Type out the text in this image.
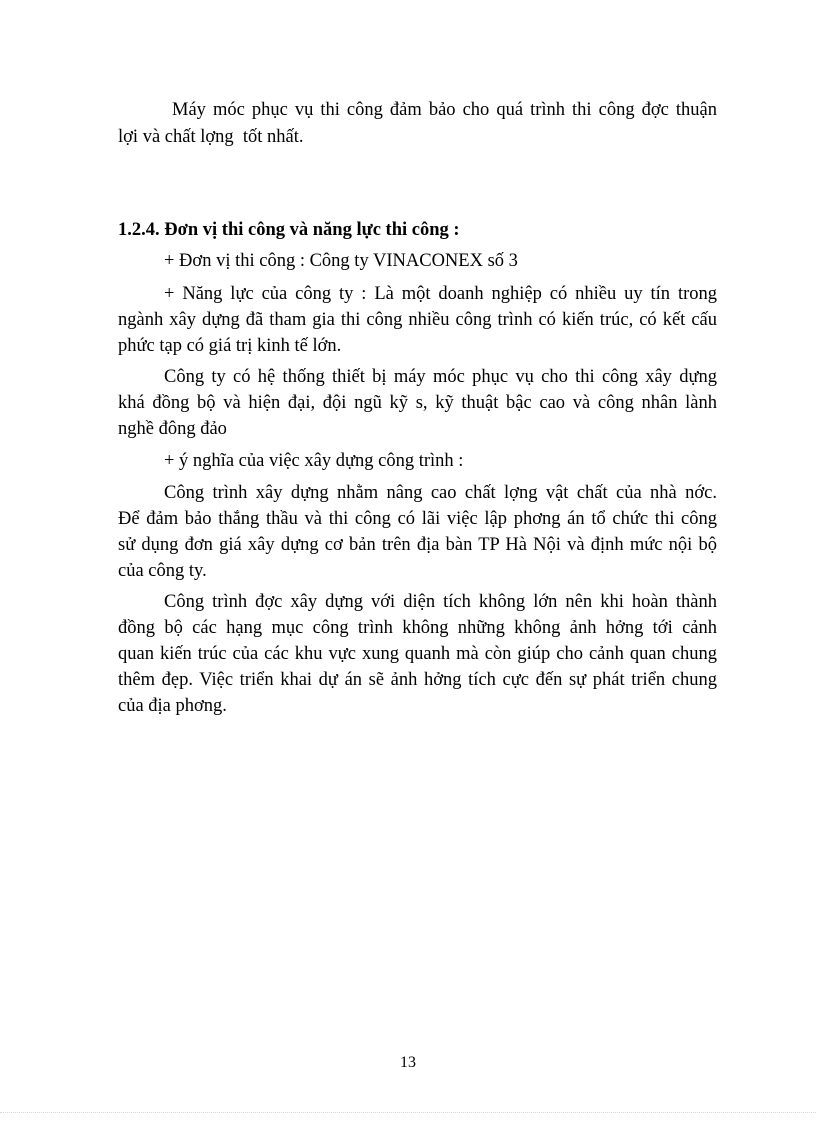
Máy móc phục vụ thi công đảm bảo cho quá trình thi công đợc thuận
lợi và chất lợng  tốt nhất.
1.2.4. Đơn vị thi công và năng lực thi công :
+ Đơn vị thi công : Công ty VINACONEX số 3
+ Năng lực của công ty : Là một doanh nghiệp có nhiều uy tín trong
ngành xây dựng đã tham gia thi công nhiều công trình có kiến trúc, có kết cấu
phức tạp có giá trị kinh tế lớn.
Công ty có hệ thống thiết bị máy móc phục vụ cho thi công xây dựng
khá đồng bộ và hiện đại, đội ngũ kỹ s, kỹ thuật bậc cao và công nhân lành
nghề đông đảo
+ ý nghĩa của việc xây dựng công trình :
Công trình xây dựng nhằm nâng cao chất lợng vật chất của nhà nớc.
Để đảm bảo thắng thầu và thi công có lãi việc lập phơng án tổ chức thi công
sử dụng đơn giá xây dựng cơ bản trên địa bàn TP Hà Nội và định mức nội bộ
của công ty.
Công trình đợc xây dựng với diện tích không lớn nên khi hoàn thành
đồng bộ các hạng mục công trình không những không ảnh hởng tới cảnh
quan kiến trúc của các khu vực xung quanh mà còn giúp cho cảnh quan chung
thêm đẹp. Việc triển khai dự án sẽ ảnh hởng tích cực đến sự phát triển chung
của địa phơng.
13
